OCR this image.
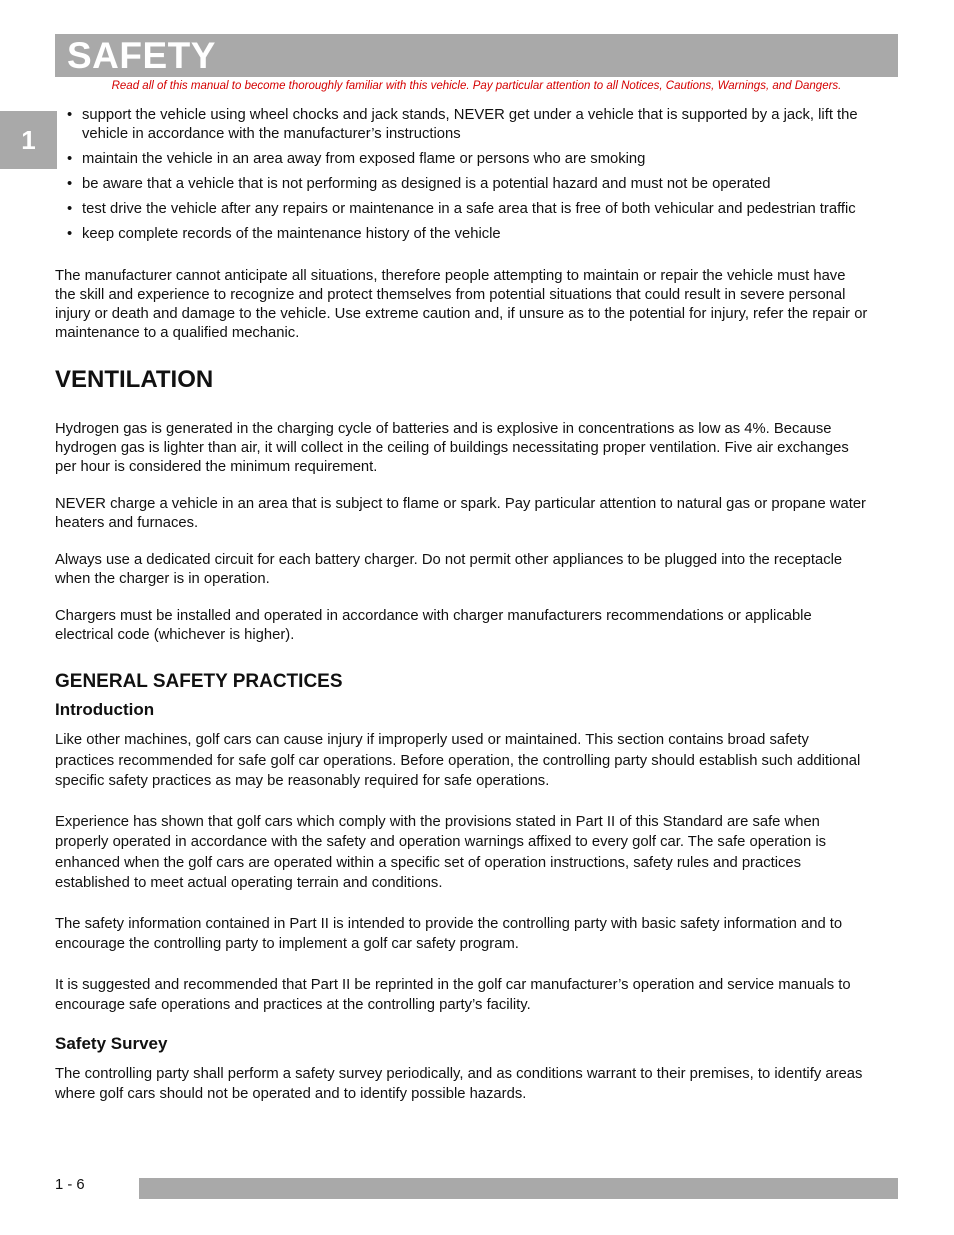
SAFETY
Read all of this manual to become thoroughly familiar with this vehicle. Pay particular attention to all Notices, Cautions, Warnings, and Dangers.
1
• support the vehicle using wheel chocks and jack stands, NEVER get under a vehicle that is supported by a jack, lift the vehicle in accordance with the manufacturer’s instructions
• maintain the vehicle in an area away from exposed flame or persons who are smoking
• be aware that a vehicle that is not performing as designed is a potential hazard and must not be operated
• test drive the vehicle after any repairs or maintenance in a safe area that is free of both vehicular and pedestrian traffic
• keep complete records of the maintenance history of the vehicle

The manufacturer cannot anticipate all situations, therefore people attempting to maintain or repair the vehicle must have the skill and experience to recognize and protect themselves from potential situations that could result in severe personal injury or death and damage to the vehicle. Use extreme caution and, if unsure as to the potential for injury, refer the repair or maintenance to a qualified mechanic.

VENTILATION

Hydrogen gas is generated in the charging cycle of batteries and is explosive in concentrations as low as 4%. Because hydrogen gas is lighter than air, it will collect in the ceiling of buildings necessitating proper ventilation. Five air exchanges per hour is considered the minimum requirement.

NEVER charge a vehicle in an area that is subject to flame or spark. Pay particular attention to natural gas or propane water heaters and furnaces.

Always use a dedicated circuit for each battery charger. Do not permit other appliances to be plugged into the receptacle when the charger is in operation.

Chargers must be installed and operated in accordance with charger manufacturers recommendations or applicable electrical code (whichever is higher).

GENERAL SAFETY PRACTICES
Introduction

Like other machines, golf cars can cause injury if improperly used or maintained. This section contains broad safety practices recommended for safe golf car operations. Before operation, the controlling party should establish such additional specific safety practices as may be reasonably required for safe operations.

Experience has shown that golf cars which comply with the provisions stated in Part II of this Standard are safe when properly operated in accordance with the safety and operation warnings affixed to every golf car. The safe operation is enhanced when the golf cars are operated within a specific set of operation instructions, safety rules and practices established to meet actual operating terrain and conditions.

The safety information contained in Part II is intended to provide the controlling party with basic safety information and to encourage the controlling party to implement a golf car safety program.

It is suggested and recommended that Part II be reprinted in the golf car manufacturer’s operation and service manuals to encourage safe operations and practices at the controlling party’s facility.

Safety Survey

The controlling party shall perform a safety survey periodically, and as conditions warrant to their premises, to identify areas where golf cars should not be operated and to identify possible hazards.

1 - 6
